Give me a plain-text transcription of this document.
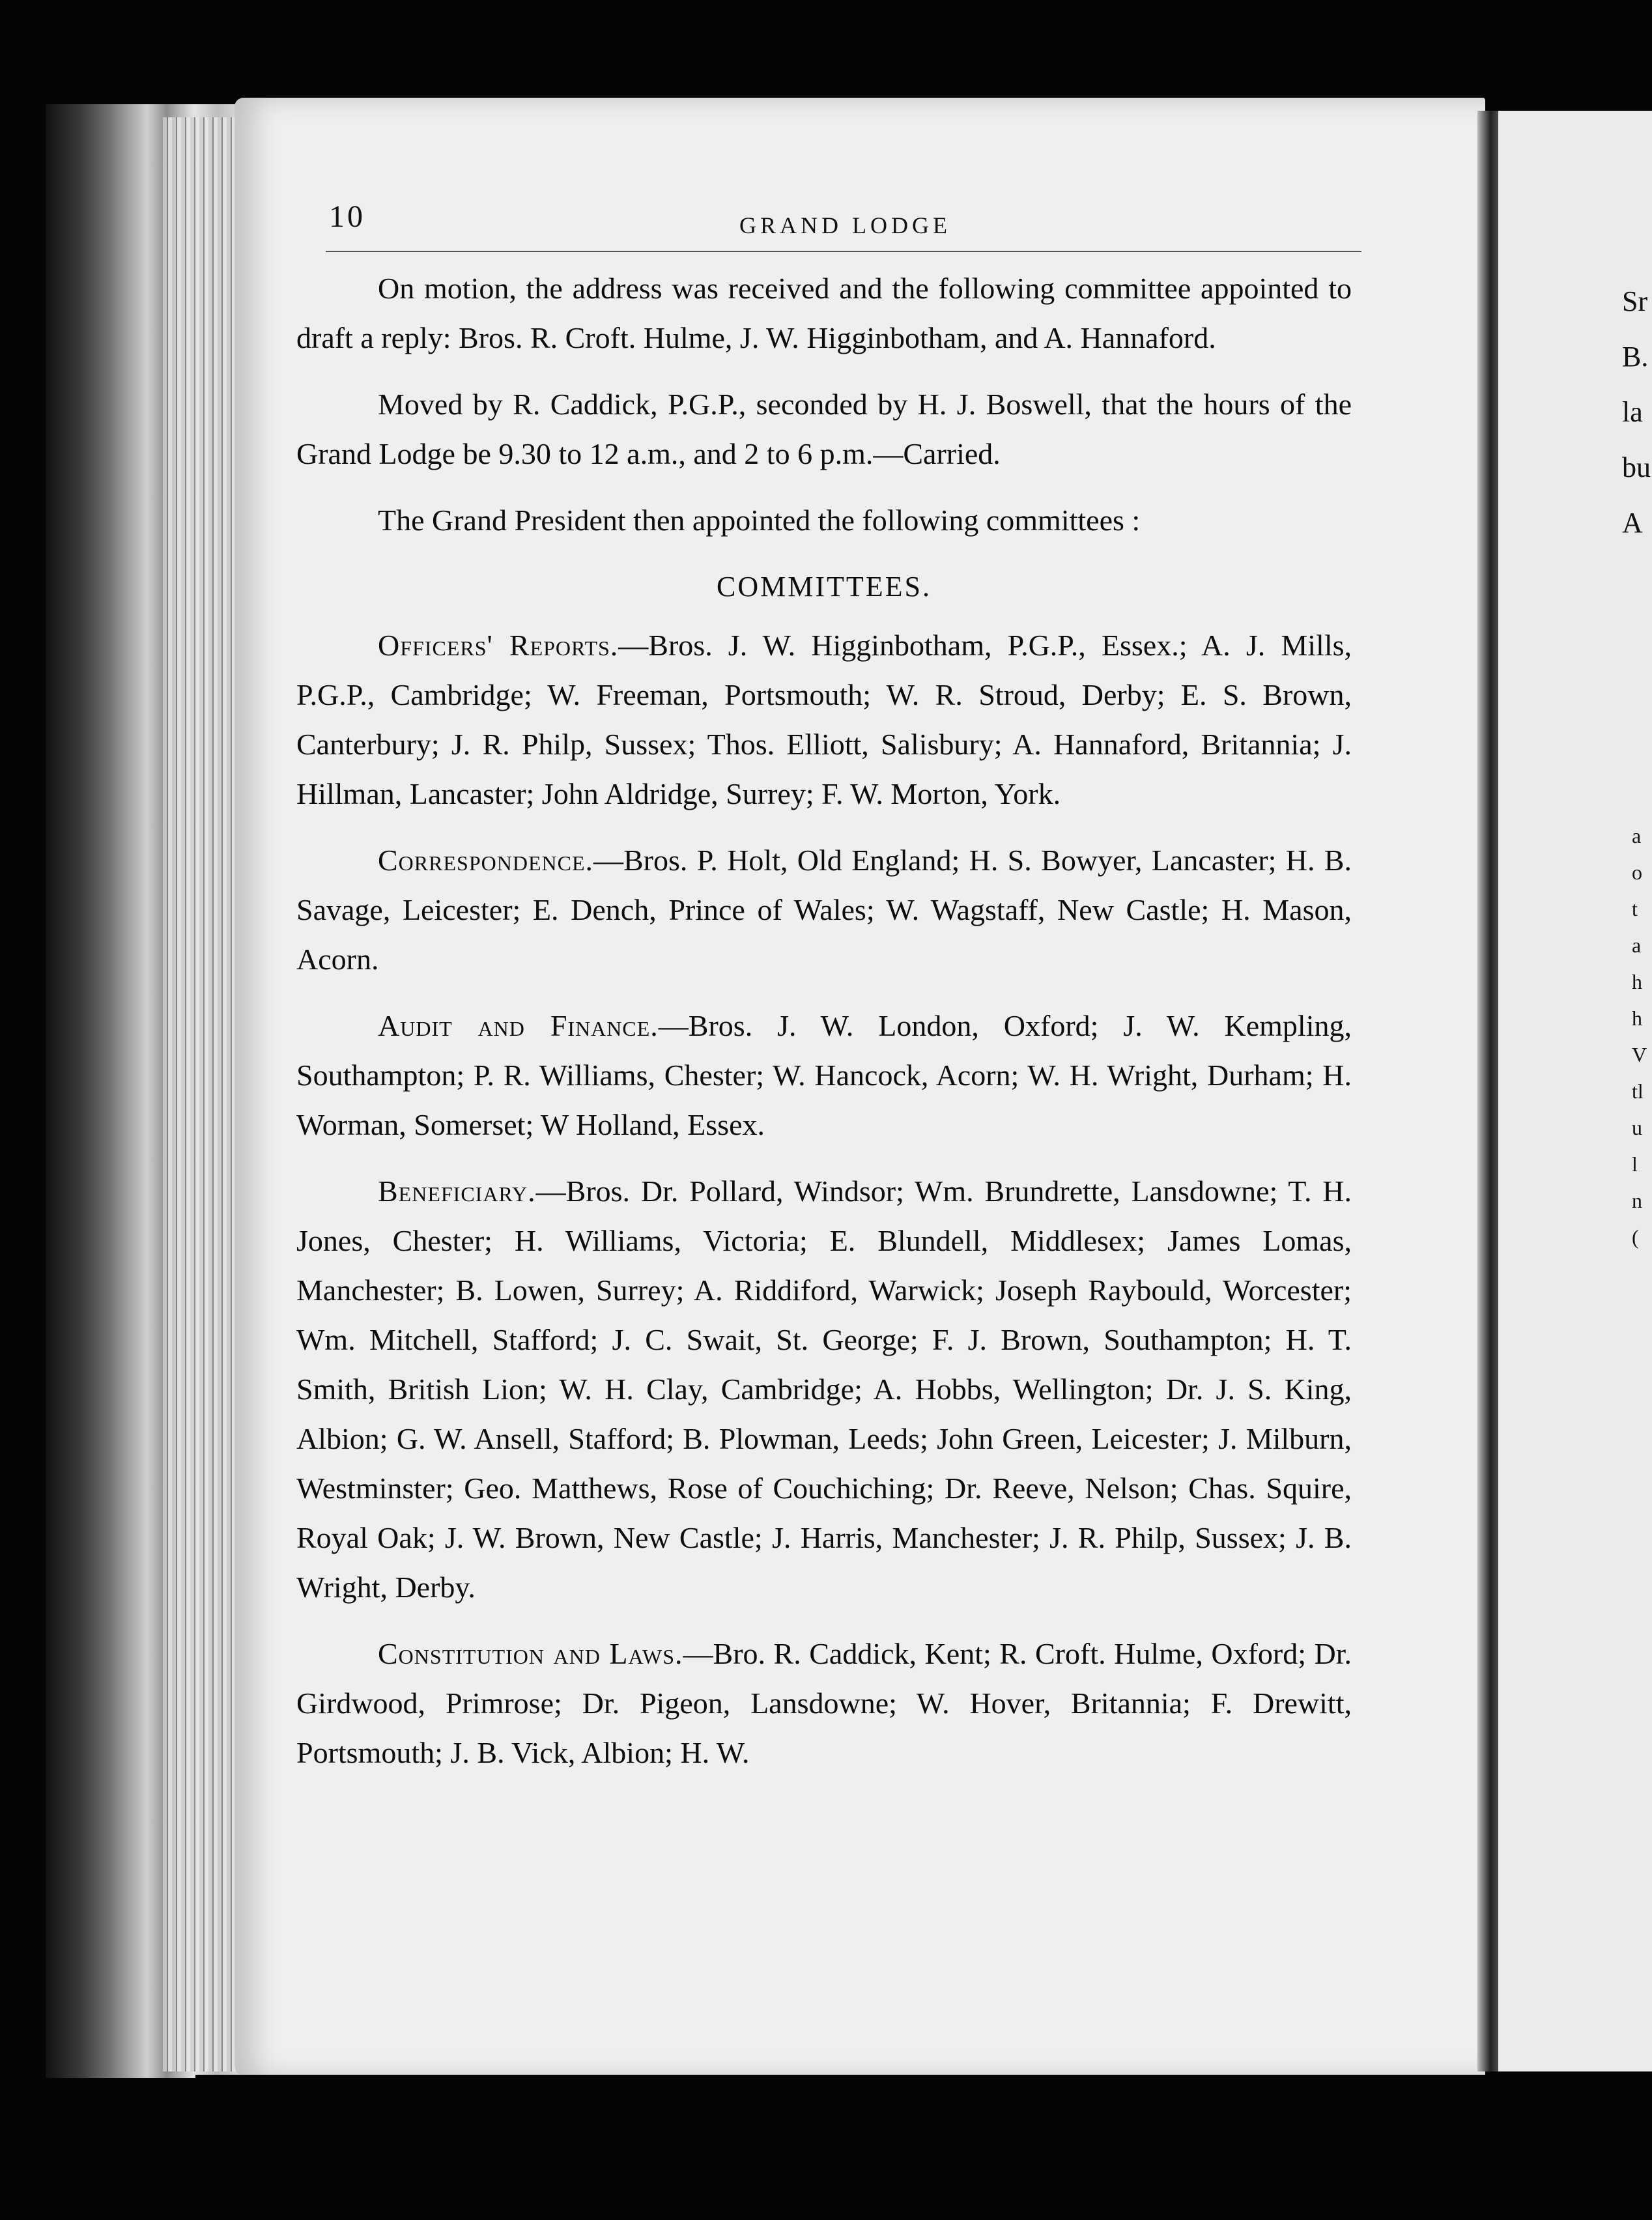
10	GRAND LODGE

On motion, the address was received and the following committee appointed to draft a reply: Bros. R. Croft. Hulme, J. W. Higginbotham, and A. Hannaford.

Moved by R. Caddick, P.G.P., seconded by H. J. Boswell, that the hours of the Grand Lodge be 9.30 to 12 a.m., and 2 to 6 p.m.—Carried.

The Grand President then appointed the following committees :

COMMITTEES.

Officers' Reports.—Bros. J. W. Higginbotham, P.G.P., Essex.; A. J. Mills, P.G.P., Cambridge; W. Freeman, Portsmouth; W. R. Stroud, Derby; E. S. Brown, Canterbury; J. R. Philp, Sussex; Thos. Elliott, Salisbury; A. Hannaford, Britannia; J. Hillman, Lancaster; John Aldridge, Surrey; F. W. Morton, York.

Correspondence.—Bros. P. Holt, Old England; H. S. Bowyer, Lancaster; H. B. Savage, Leicester; E. Dench, Prince of Wales; W. Wagstaff, New Castle; H. Mason, Acorn.

Audit and Finance.—Bros. J. W. London, Oxford; J. W. Kempling, Southampton; P. R. Williams, Chester; W. Hancock, Acorn; W. H. Wright, Durham; H. Worman, Somerset; W Holland, Essex.

Beneficiary.—Bros. Dr. Pollard, Windsor; Wm. Brundrette, Lansdowne; T. H. Jones, Chester; H. Williams, Victoria; E. Blundell, Middlesex; James Lomas, Manchester; B. Lowen, Surrey; A. Riddiford, Warwick; Joseph Raybould, Worcester; Wm. Mitchell, Stafford; J. C. Swait, St. George; F. J. Brown, Southampton; H. T. Smith, British Lion; W. H. Clay, Cambridge; A. Hobbs, Wellington; Dr. J. S. King, Albion; G. W. Ansell, Stafford; B. Plowman, Leeds; John Green, Leicester; J. Milburn, Westminster; Geo. Matthews, Rose of Couchiching; Dr. Reeve, Nelson; Chas. Squire, Royal Oak; J. W. Brown, New Castle; J. Harris, Manchester; J. R. Philp, Sussex; J. B. Wright, Derby.

Constitution and Laws.—Bro. R. Caddick, Kent; R. Croft. Hulme, Oxford; Dr. Girdwood, Primrose; Dr. Pigeon, Lansdowne; W. Hover, Britannia; F. Drewitt, Portsmouth; J. B. Vick, Albion; H. W.

Sr
B.
la
bu
A
a
o
t
a
h
h
V
tl
u
l
n
(
